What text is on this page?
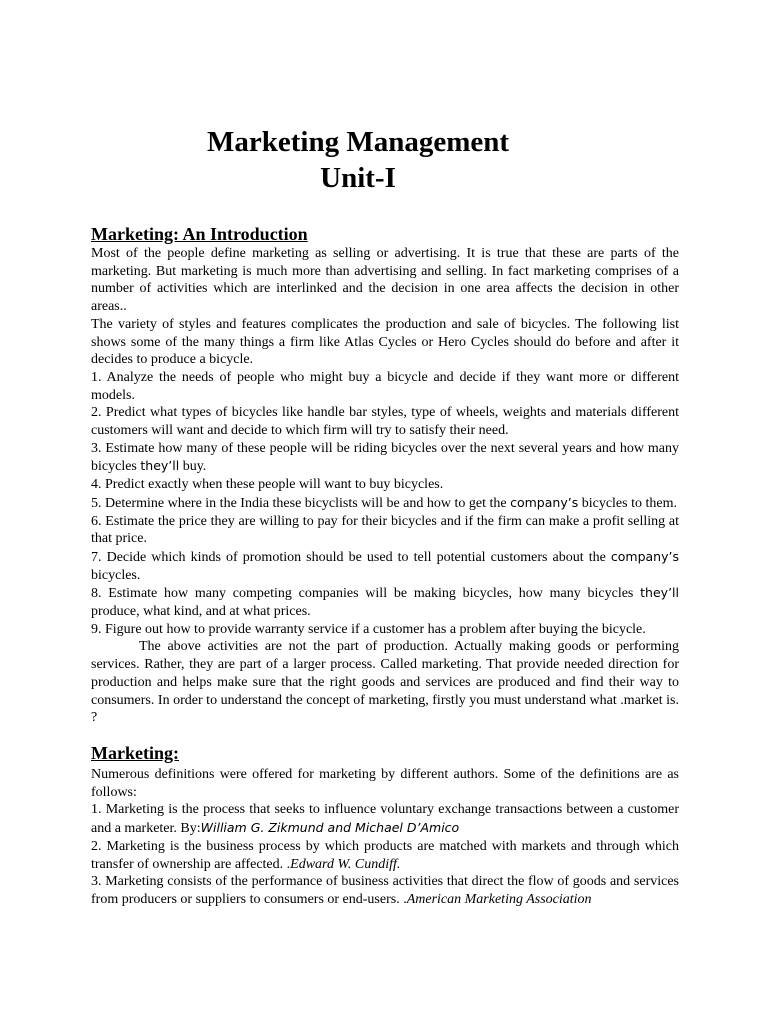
Marketing Management
Unit-I
Marketing: An Introduction

Most of the people define marketing as selling or advertising. It is true that these are parts of the marketing. But marketing is much more than advertising and selling. In fact marketing comprises of a number of activities which are interlinked and the decision in one area affects the decision in other areas..

The variety of styles and features complicates the production and sale of bicycles. The following list shows some of the many things a firm like Atlas Cycles or Hero Cycles should do before and after it decides to produce a bicycle.

1. Analyze the needs of people who might buy a bicycle and decide if they want more or different models.

2. Predict what types of bicycles like handle bar styles, type of wheels, weights and materials different customers will want and decide to which firm will try to satisfy their need.

3. Estimate how many of these people will be riding bicycles over the next several years and how many bicycles they’ll buy.

4. Predict exactly when these people will want to buy bicycles.

5. Determine where in the India these bicyclists will be and how to get the company’s bicycles to them.

6. Estimate the price they are willing to pay for their bicycles and if the firm can make a profit selling at that price.

7. Decide which kinds of promotion should be used to tell potential customers about the company’s bicycles.

8. Estimate how many competing companies will be making bicycles, how many bicycles they’ll produce, what kind, and at what prices.

9. Figure out how to provide warranty service if a customer has a problem after buying the bicycle.

The above activities are not the part of production. Actually making goods or performing services. Rather, they are part of a larger process. Called marketing. That provide needed direction for production and helps make sure that the right goods and services are produced and find their way to consumers. In order to understand the concept of marketing, firstly you must understand what .market is. ?

Marketing:

Numerous definitions were offered for marketing by different authors. Some of the definitions are as follows:

1. Marketing is the process that seeks to influence voluntary exchange transactions between a customer and a marketer. By:William G. Zikmund and Michael D’Amico

2. Marketing is the business process by which products are matched with markets and through which transfer of ownership are affected. .Edward W. Cundiff.

3. Marketing consists of the performance of business activities that direct the flow of goods and services from producers or suppliers to consumers or end-users. .American Marketing Association
